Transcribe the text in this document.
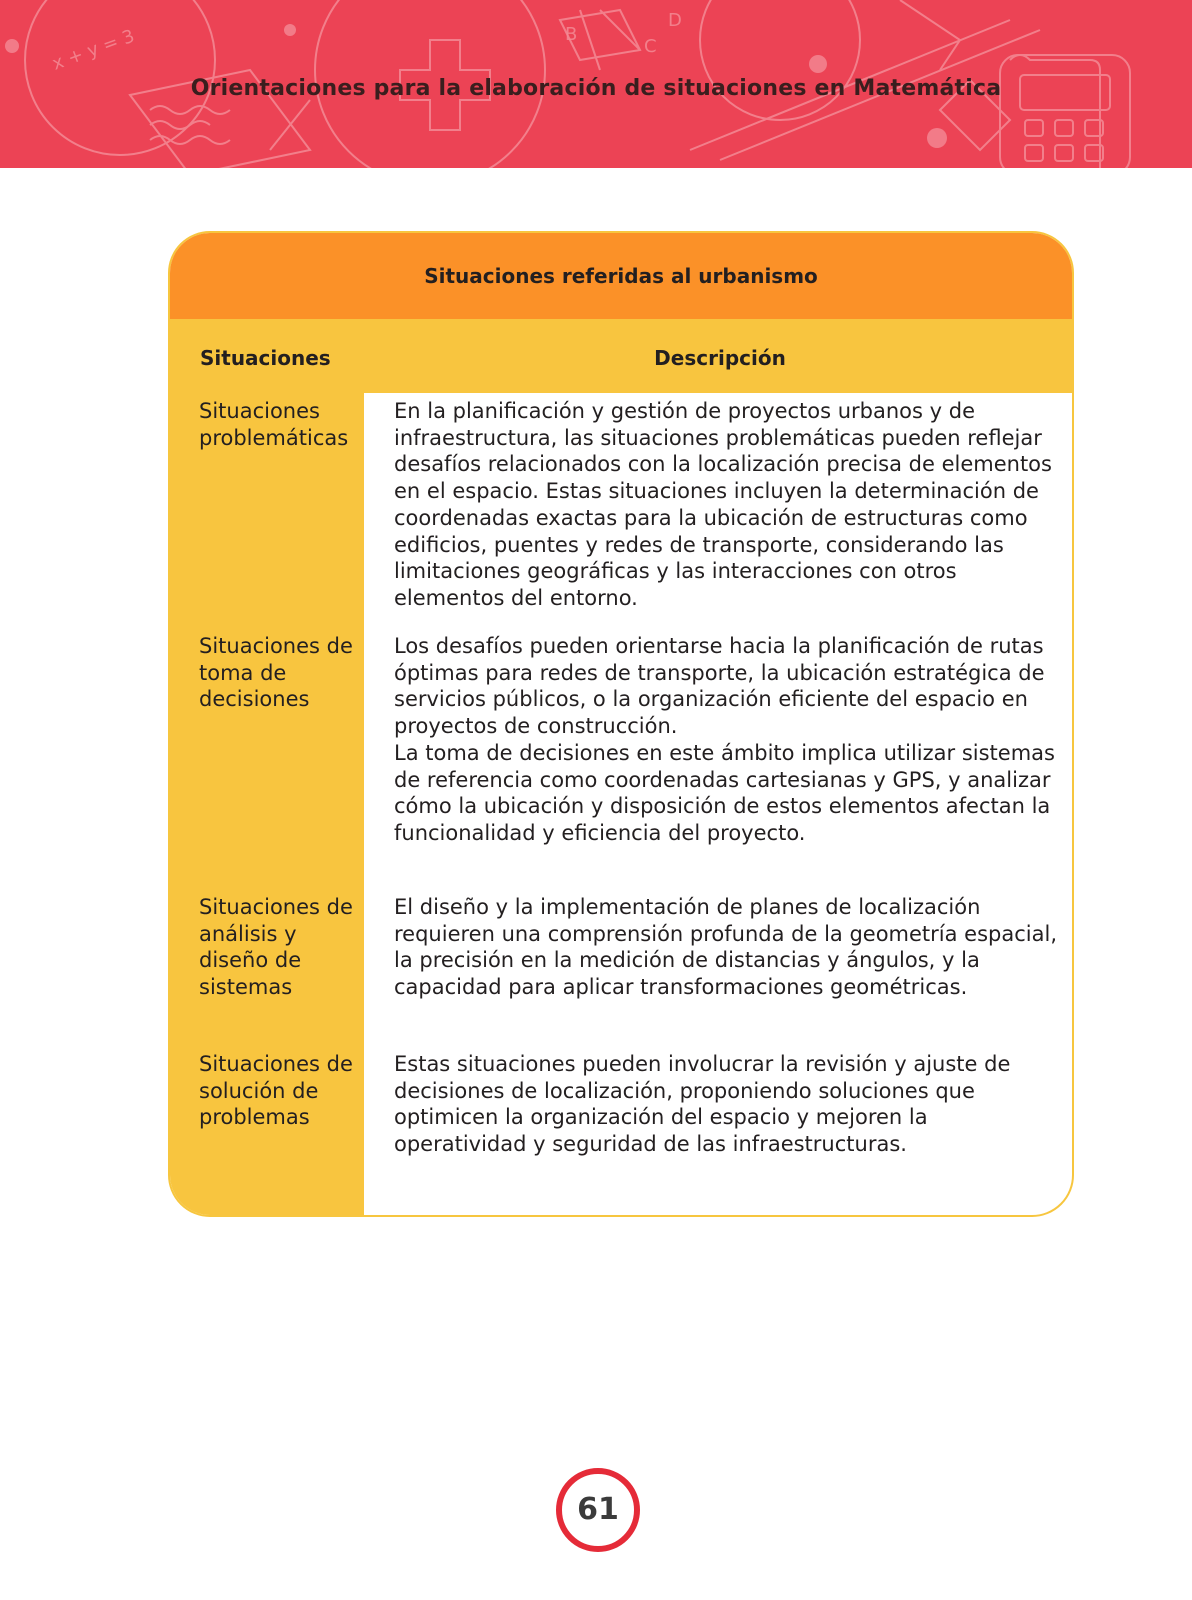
x + y = 3	B
C
D
Orientaciones para la elaboración de situaciones en Matemática
Situaciones referidas al urbanismo
Situaciones	Descripción
Situaciones problemáticas
En la planificación y gestión de proyectos urbanos y de infraestructura, las situaciones problemáticas pueden reflejar desafíos relacionados con la localización precisa de elementos en el espacio. Estas situaciones incluyen la determinación de coordenadas exactas para la ubicación de estructuras como edificios, puentes y redes de transporte, considerando las limitaciones geográficas y las interacciones con otros elementos del entorno.
Situaciones de toma de decisiones
Los desafíos pueden orientarse hacia la planificación de rutas óptimas para redes de transporte, la ubicación estratégica de servicios públicos, o la organización eficiente del espacio en proyectos de construcción.
La toma de decisiones en este ámbito implica utilizar sistemas de referencia como coordenadas cartesianas y GPS, y analizar cómo la ubicación y disposición de estos elementos afectan la funcionalidad y eficiencia del proyecto.
Situaciones de análisis y diseño de sistemas
El diseño y la implementación de planes de localización requieren una comprensión profunda de la geometría espacial, la precisión en la medición de distancias y ángulos, y la capacidad para aplicar transformaciones geométricas.
Situaciones de solución de problemas
Estas situaciones pueden involucrar la revisión y ajuste de decisiones de localización, proponiendo soluciones que optimicen la organización del espacio y mejoren la operatividad y seguridad de las infraestructuras.
61
